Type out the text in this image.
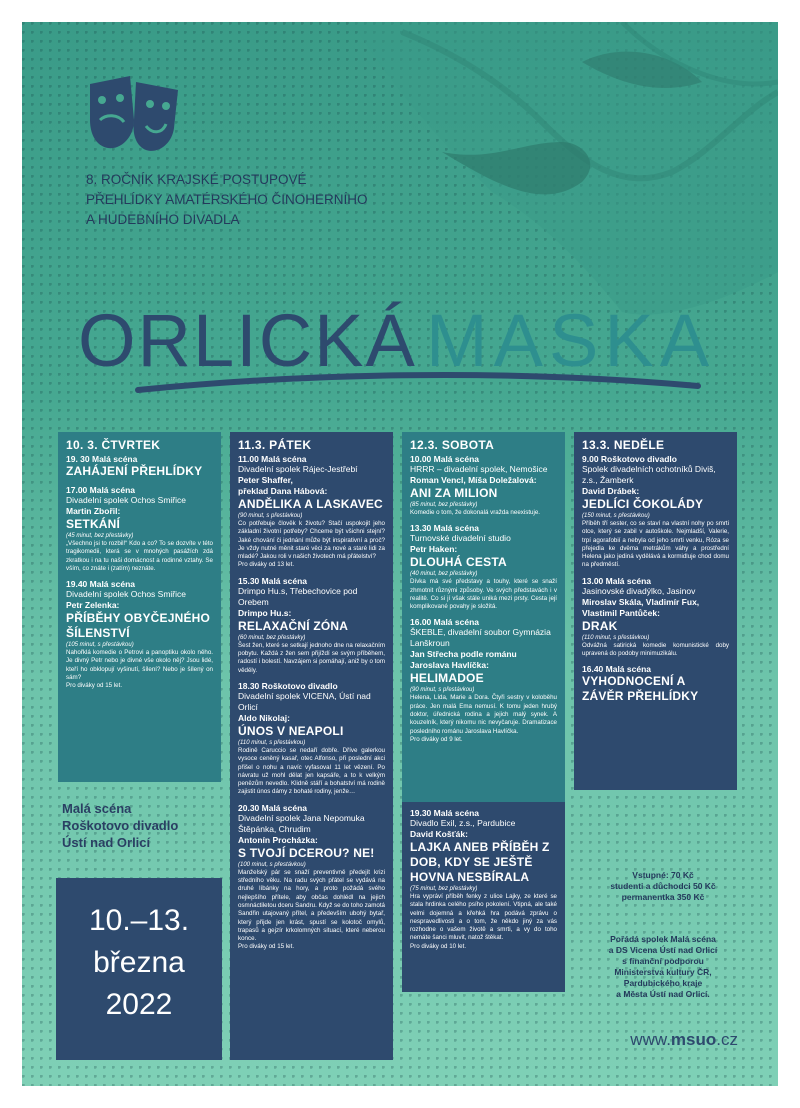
8. ROČNÍK KRAJSKÉ POSTUPOVÉ
PŘEHLÍDKY AMATÉRSKÉHO ČINOHERNÍHO
A HUDEBNÍHO DIVADLA
ORLICKÁ MASKA
10. 3. ČTVRTEK
19. 30 Malá scéna
ZAHÁJENÍ PŘEHLÍDKY
17.00 Malá scéna
Divadelní spolek Ochos Smiřice
Martin Zbořil:
SETKÁNÍ
(45 minut, bez přestávky)
„Všechno jsi to rozbil!“ Kdo a co? To se dozvíte v této tragikomedii, která se v mnohých pasážích zdá zkratkou i na tu naši domácnost a rodinné vztahy. Se vším, co znáte i (zatím) neznáte.
19.40 Malá scéna
Divadelní spolek Ochos Smiřice
Petr Zelenka:
PŘÍBĚHY OBYČEJNÉHO ŠÍLENSTVÍ
(105 minut, s přestávkou)
Nahořklá komedie o Petrovi a panoptiku okolo něho. Je divný Petr nebo je divné vše okolo něj? Jsou lidé, kteří ho obklopují vyšinutí, šílení? Nebo je šílený on sám?
Pro diváky od 15 let.
11.3. PÁTEK
11.00 Malá scéna
Divadelní spolek Rájec-Jestřebí
Peter Shaffer,
překlad Dana Hábová:
ANDĚLIKA A LASKAVEC
(90 minut, s přestávkou)
Co potřebuje člověk k životu? Stačí uspokojit jeho základní životní potřeby? Chceme být všichni stejní? Jaké chování či jednání může být inspirativní a proč? Je vždy nutné měnit staré věci za nové a staré lidi za mladé? Jakou roli v našich životech má přátelství?
Pro diváky od 13 let.
15.30 Malá scéna
Drimpo Hu.s, Třebechovice pod Orebem
Drimpo Hu.s:
RELAXAČNÍ ZÓNA
(60 minut, bez přestávky)
Šest žen, které se setkají jednoho dne na relaxačním pobytu. Každá z žen sem přijíždí se svým příběhem, radostí i bolestí. Navzájem si pomáhají, aniž by o tom věděly.
18.30 Roškotovo divadlo
Divadelní spolek VICENA, Ústí nad Orlicí
Aldo Nikolaj:
ÚNOS V NEAPOLI
(110 minut, s přestávkou)
Rodině Caruccio se nedaří dobře. Dříve galerkou vysoce ceněný kasař, otec Alfonso, při poslední akci přišel o nohu a navíc vyfasoval 11 let vězení. Po návratu už mohl dělat jen kapsáře, a to k velkým penězům nevedlo. Klidně stáří a bohatství má rodině zajistit únos dámy z bohaté rodiny, jenže…
20.30 Malá scéna
Divadelní spolek Jana Nepomuka Štěpánka, Chrudim
Antonín Procházka:
S TVOJÍ DCEROU? NE!
(100 minut, s přestávkou)
Manželský pár se snaží preventivně předejít krizi středního věku. Na radu svých přátel se vydává na druhé líbánky na hory, a proto požádá svého nejlepšího přítele, aby občas dohlédl na jejich osmnáctiletou dceru Sandru. Když se do toho zamotá Sandřin utajovaný přítel, a především ubohý bytař, který přijde jen krást, spustí se kolotoč omylů, trapasů a gejzír krkolomných situací, které neberou konce.
Pro diváky od 15 let.
12.3. SOBOTA
10.00 Malá scéna
HRRR – divadelní spolek, Nemošice
Roman Vencl, Míša Doležalová:
ANI ZA MILION
(85 minut, bez přestávky)
Komedie o tom, že dokonalá vražda neexistuje.
13.30 Malá scéna
Turnovské divadelní studio
Petr Haken:
DLOUHÁ CESTA
(40 minut, bez přestávky)
Dívka má své představy a touhy, které se snaží zhmotnit různými způsoby. Ve svých představách i v realitě. Co si jí však stále uniká mezi prsty. Cesta její komplikované povahy je složitá.
16.00 Malá scéna
ŠKEBLE, divadelní soubor Gymnázia Lanškroun
Jan Střecha podle románu
Jaroslava Havlíčka:
HELIMADOE
(90 minut, s přestávkou)
Helena, Lída, Marie a Dora. Čtyři sestry v koloběhu práce. Jen malá Ema nemusí. K tomu jeden hrubý doktor, úřednická rodina a jejich malý synek. A kouzelník, který nikomu nic nevyčaruje. Dramatizace posledního románu Jaroslava Havlíčka.
Pro diváky od 9 let.
19.30 Malá scéna
Divadlo Exil, z.s., Pardubice
David Košťák:
LAJKA ANEB PŘÍBĚH Z DOB, KDY SE JEŠTĚ HOVNA NESBÍRALA
(75 minut, bez přestávky)
Hra vypráví příběh fenky z ulice Lajky, ze které se stala hrdinka celého psího pokolení. Vtipná, ale také velmi dojemná a křehká hra podává zprávu o nespravedlivosti a o tom, že někdo jiný za vás rozhodne o vašem životě a smrti, a vy do toho nemáte šanci mluvit, natož štěkat.
Pro diváky od 10 let.
13.3. NEDĚLE
9.00 Roškotovo divadlo
Spolek divadelních ochotníků Diviš, z.s., Žamberk
David Drábek:
JEDLÍCI ČOKOLÁDY
(150 minut, s přestávkou)
Příběh tří sester, co se staví na vlastní nohy po smrti otce, který se zabil v autoškole. Nejmladší, Valerie, trpí agorafobií a nebyla od jeho smrti venku, Róza se přejedla ke dvěma metrákům váhy a prostřední Helena jako jediná vydělává a kormidluje chod domu na předměstí.
13.00 Malá scéna
Jasinovské divadýlko, Jasinov
Miroslav Skála, Vladimír Fux,
Vlastimil Pantůček:
DRAK
(110 minut, s přestávkou)
Odvážná satirická komedie komunistické doby upravená do podoby minimuzikálu.
16.40 Malá scéna
VYHODNOCENÍ A ZÁVĚR PŘEHLÍDKY
Malá scéna
Roškotovo divadlo
Ústí nad Orlicí
10.–13.
března
2022
Vstupné: 70 Kč
studenti a důchodci 50 Kč
permanentka 350 Kč
Pořádá spolek Malá scéna
a DS Vicena Ústí nad Orlicí
s finanční podporou
Ministerstva kultury ČR,
Pardubického kraje
a Města Ústí nad Orlicí.
www.msuo.cz
